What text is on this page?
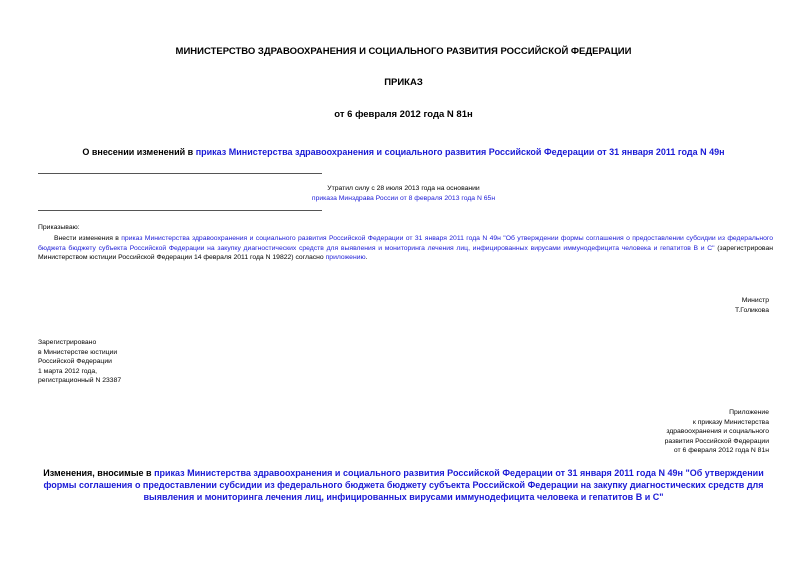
МИНИСТЕРСТВО ЗДРАВООХРАНЕНИЯ И СОЦИАЛЬНОГО РАЗВИТИЯ РОССИЙСКОЙ ФЕДЕРАЦИИ
ПРИКАЗ
от 6 февраля 2012 года N 81н
О внесении изменений в приказ Министерства здравоохранения и социального развития Российской Федерации от 31 января 2011 года N 49н
Утратил силу с 28 июля 2013 года на основании
приказа Минздрава России от 8 февраля 2013 года N 65н
Приказываю:
Внести изменения в приказ Министерства здравоохранения и социального развития Российской Федерации от 31 января 2011 года N 49н "Об утверждении формы соглашения о предоставлении субсидии из федерального бюджета бюджету субъекта Российской Федерации на закупку диагностических средств для выявления и мониторинга лечения лиц, инфицированных вирусами иммунодефицита человека и гепатитов В и С" (зарегистрирован Министерством юстиции Российской Федерации 14 февраля 2011 года N 19822) согласно приложению.
Министр
Т.Голикова
Зарегистрировано
в Министерстве юстиции
Российской Федерации
1 марта 2012 года,
регистрационный N 23387
Приложение
к приказу Министерства
здравоохранения и социального
развития Российской Федерации
от 6 февраля 2012 года N 81н
Изменения, вносимые в приказ Министерства здравоохранения и социального развития Российской Федерации от 31 января 2011 года N 49н "Об утверждении формы соглашения о предоставлении субсидии из федерального бюджета бюджету субъекта Российской Федерации на закупку диагностических средств для выявления и мониторинга лечения лиц, инфицированных вирусами иммунодефицита человека и гепатитов В и С"
